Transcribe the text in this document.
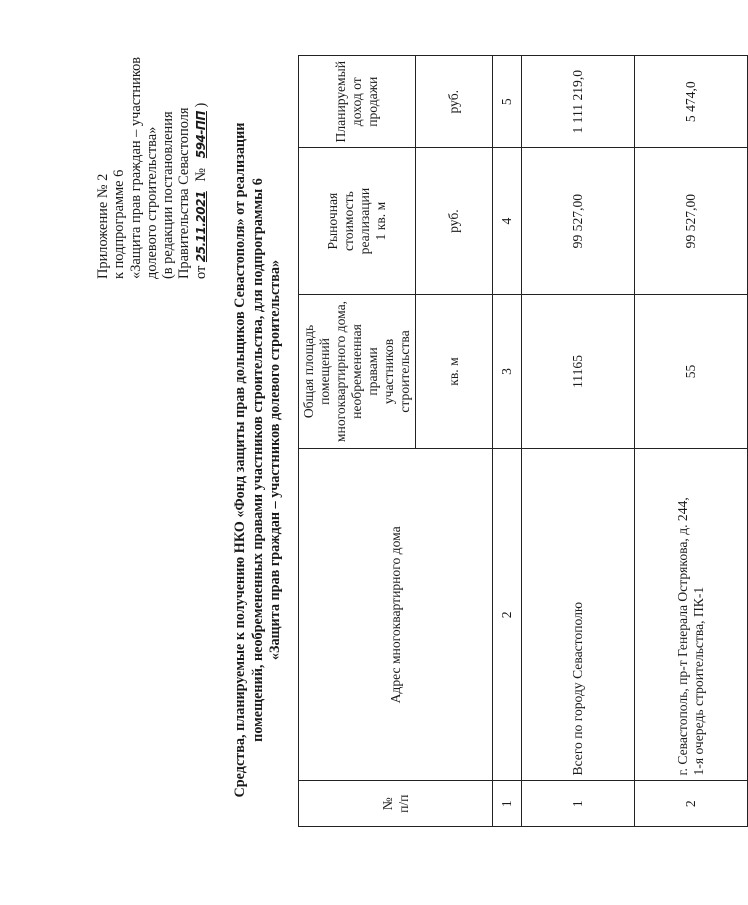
Приложение № 2 к подпрограмме 6 «Защита прав граждан – участников долевого строительства» (в редакции постановления Правительства Севастополя от 25.11.2021 № 594-ПП )
Средства, планируемые к получению НКО «Фонд защиты прав дольщиков Севастополя» от реализации помещений, необремененных правами участников строительства, для подпрограммы 6 «Защита прав граждан – участников долевого строительства»
№
п/п	Адрес многоквартирного дома	Общая площадь
помещений
многоквартирного дома,
необремененная правами
участников строительства	Рыночная
стоимость
реализации
1 кв. м	Планируемый
доход от
продажи
		кв. м	руб.	руб.
1	2	3	4	5
1	Всего по городу Севастополю	11165	99 527,00	1 111 219,0
2	г. Севастополь, пр-т Генерала Острякова, д. 244,
1-я очередь строительства, ПК-1	55	99 527,00	5 474,0
